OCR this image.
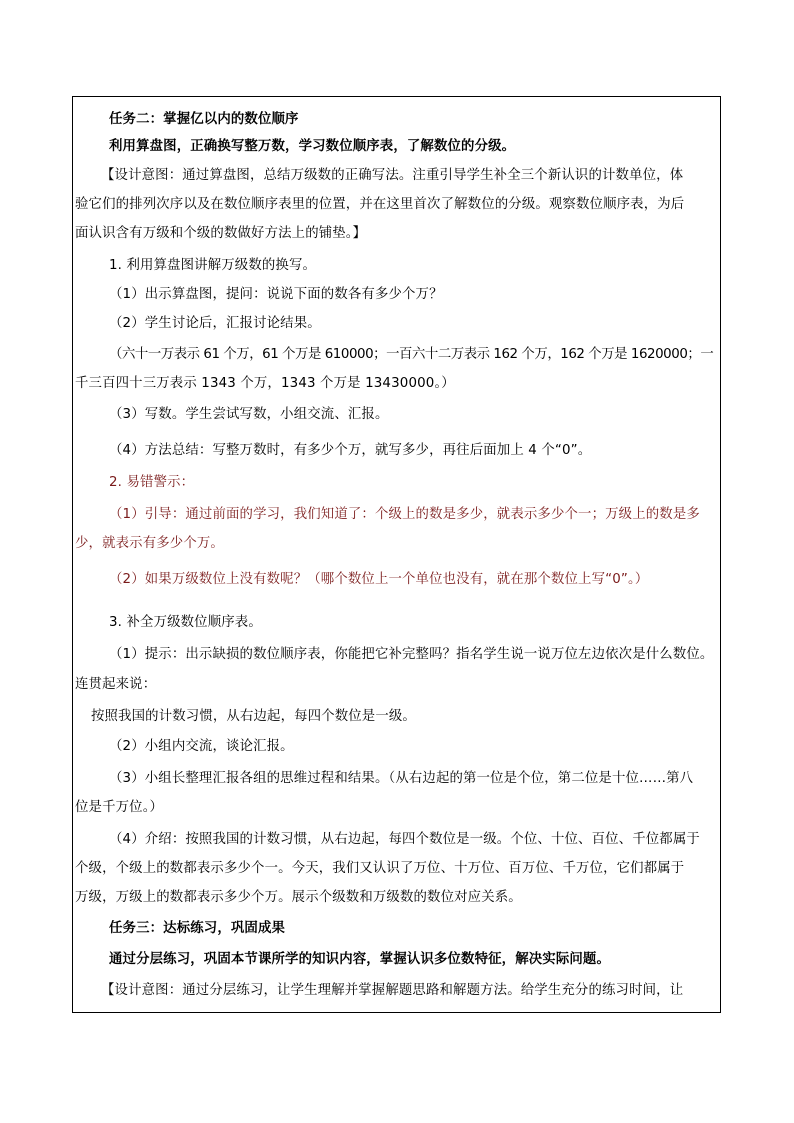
任务二：掌握亿以内的数位顺序
利用算盘图，正确换写整万数，学习数位顺序表，了解数位的分级。
【设计意图：通过算盘图，总结万级数的正确写法。注重引导学生补全三个新认识的计数单位，体
验它们的排列次序以及在数位顺序表里的位置，并在这里首次了解数位的分级。观察数位顺序表，为后
面认识含有万级和个级的数做好方法上的铺垫。】
1. 利用算盘图讲解万级数的换写。
（1）出示算盘图，提问：说说下面的数各有多少个万？
（2）学生讨论后，汇报讨论结果。
（六十一万表示 61 个万，61 个万是 610000；一百六十二万表示 162 个万，162 个万是 1620000；一
千三百四十三万表示 1343 个万，1343 个万是 13430000。）
（3）写数。学生尝试写数，小组交流、汇报。
（4）方法总结：写整万数时，有多少个万，就写多少，再往后面加上 4 个“0”。
2. 易错警示：
（1）引导：通过前面的学习，我们知道了：个级上的数是多少，就表示多少个一；万级上的数是多
少，就表示有多少个万。
（2）如果万级数位上没有数呢？（哪个数位上一个单位也没有，就在那个数位上写“0”。）
3. 补全万级数位顺序表。
（1）提示：出示缺损的数位顺序表，你能把它补完整吗？指名学生说一说万位左边依次是什么数位。
连贯起来说：
按照我国的计数习惯，从右边起，每四个数位是一级。
（2）小组内交流，谈论汇报。
（3）小组长整理汇报各组的思维过程和结果。（从右边起的第一位是个位，第二位是十位……第八
位是千万位。）
（4）介绍：按照我国的计数习惯，从右边起，每四个数位是一级。个位、十位、百位、千位都属于
个级，个级上的数都表示多少个一。今天，我们又认识了万位、十万位、百万位、千万位，它们都属于
万级，万级上的数都表示多少个万。展示个级数和万级数的数位对应关系。
任务三：达标练习，巩固成果
通过分层练习，巩固本节课所学的知识内容，掌握认识多位数特征，解决实际问题。
【设计意图：通过分层练习，让学生理解并掌握解题思路和解题方法。给学生充分的练习时间，让
